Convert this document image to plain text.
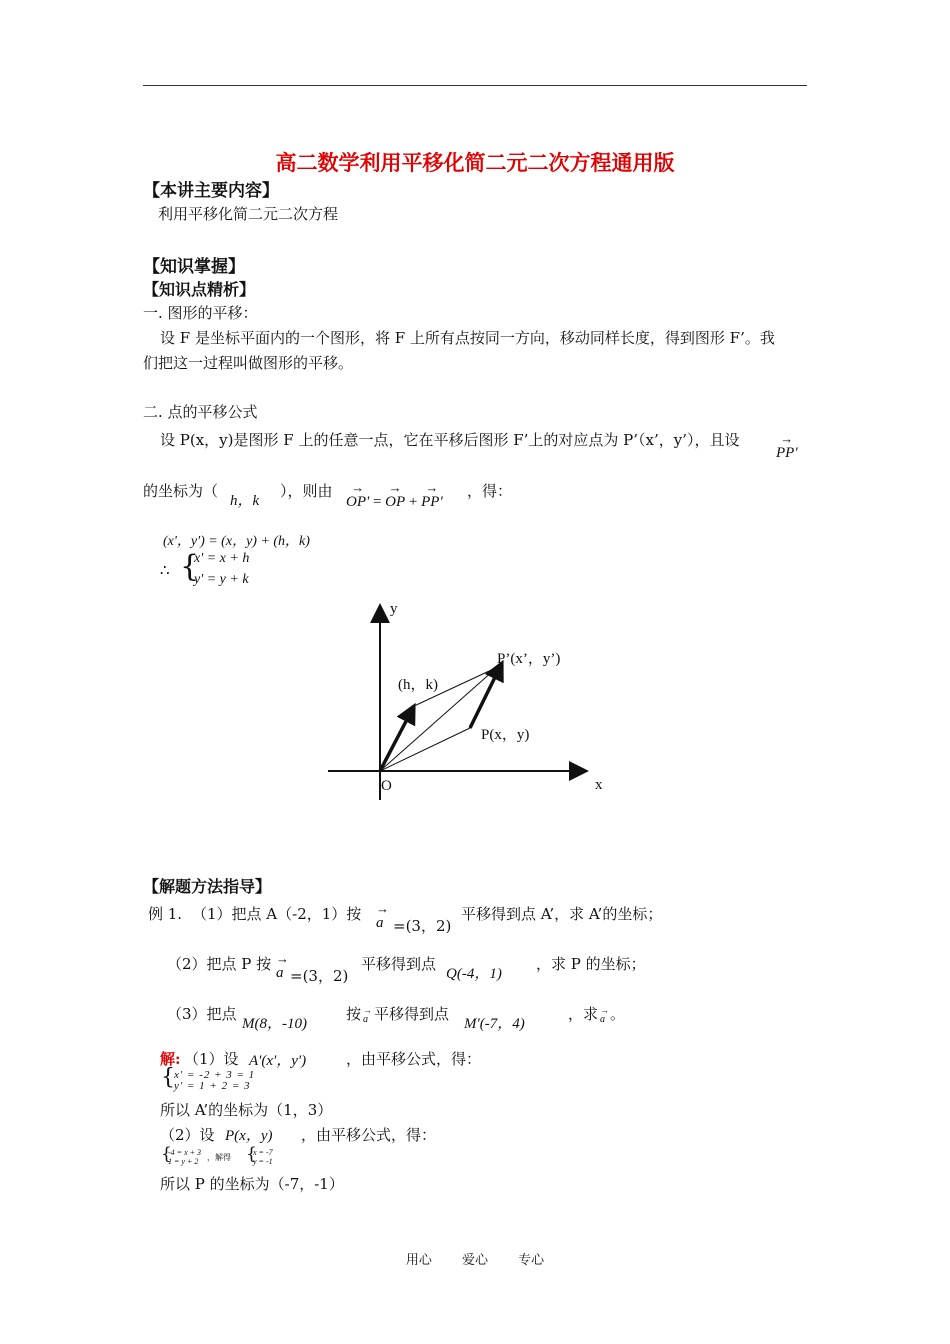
高二数学利用平移化简二元二次方程通用版
【本讲主要内容】
利用平移化简二元二次方程
【知识掌握】
【知识点精析】
一. 图形的平移：
设 F 是坐标平面内的一个图形，将 F 上所有点按同一方向，移动同样长度，得到图形 F’。我
们把这一过程叫做图形的平移。
二. 点的平移公式
设 P(x，y)是图形 F 上的任意一点，它在平移后图形 F’上的对应点为 P’（x’，y’），且设	→
PP'
的坐标为（
h，k
），则由	→
OP' =
→
OP +
→
PP'
，得：
(x'，y') = (x，y) + (h，k)
∴ {
x' = x + h
y' = y + k
y
x
O
(h，k)
P(x，y)
P’(x’，y’)
【解题方法指导】
例 1. （1）把点 A（-2，1）按 →
a =(3，2)
平移得到点 A’，求 A’的坐标；
（2）把点 P 按 →
a =(3，2)
平移得到点
Q(-4，1)
，求 P 的坐标；
（3）把点
M(8，-10)
按 →
a 平移得到点
M'(-7，4)
，求 →
a 。
解: （1）设 A'(x'，y')	，由平移公式，得：
{ x' = -2 + 3 = 1
y' = 1 + 2 = 3
所以 A’的坐标为（1，3）
（2）设 P(x，y) ，由平移公式，得：
{
-4 = x + 3
1 = y + 2 ，解得 {
x = -7
y = -1
所以 P 的坐标为（-7，-1）
用心 爱心 专心
